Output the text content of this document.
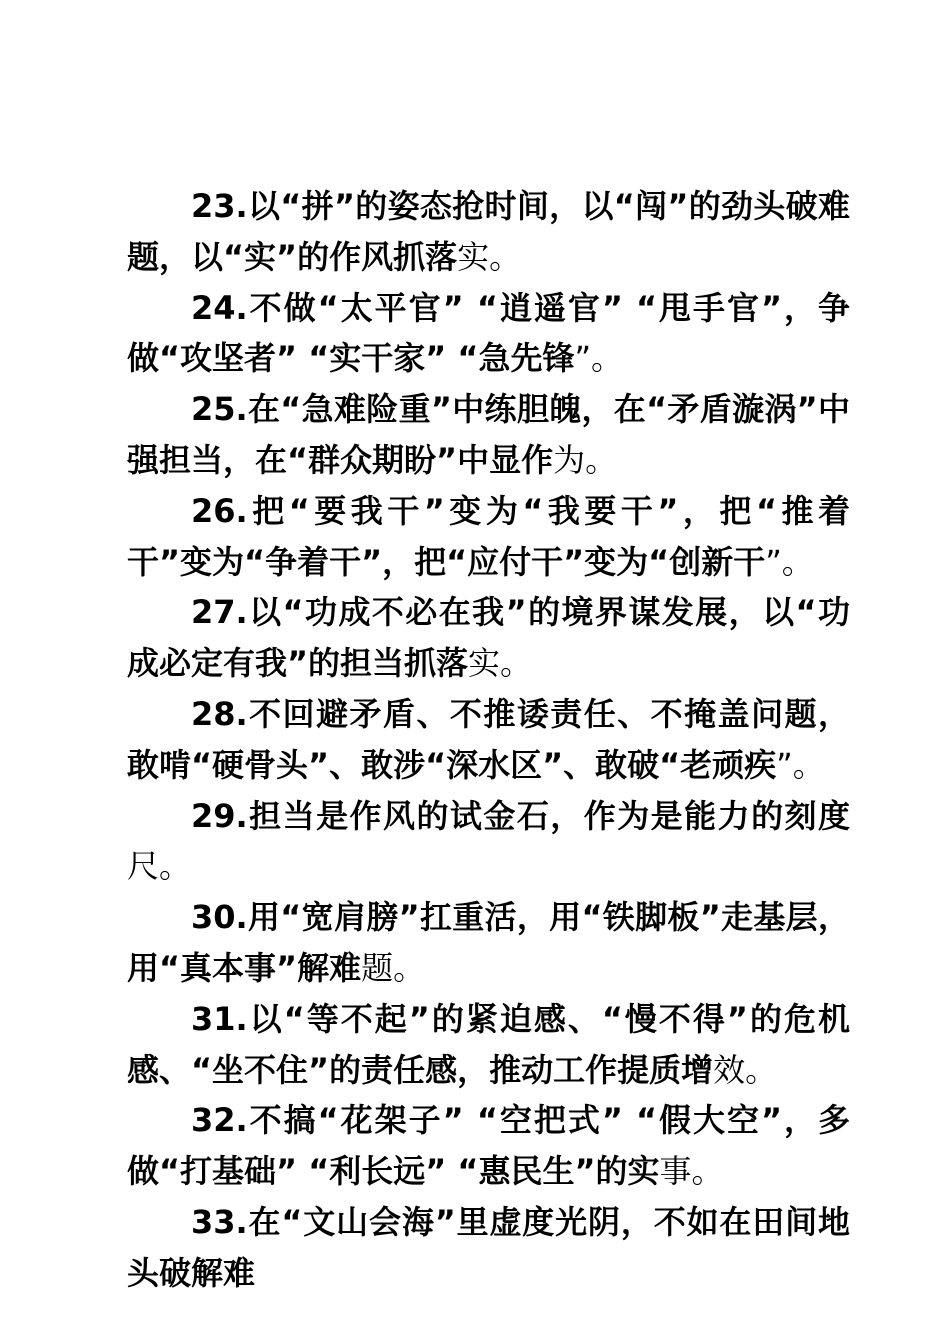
23.以“拼”的姿态抢时间，以“闯”的劲头破难题，以“实”的作风抓落实。

24.不做“太平官” “逍遥官” “甩手官”，争做“攻坚者” “实干家” “急先锋”。

25.在“急难险重”中练胆魄，在“矛盾漩涡”中强担当，在“群众期盼”中显作为。

26.把“要我干”变为“我要干”，把“推着干”变为“争着干”，把“应付干”变为“创新干”。

27.以“功成不必在我”的境界谋发展，以“功成必定有我”的担当抓落实。

28.不回避矛盾、不推诿责任、不掩盖问题，敢啃“硬骨头”、敢涉“深水区”、敢破“老顽疾”。

29.担当是作风的试金石，作为是能力的刻度尺。

30.用“宽肩膀”扛重活，用“铁脚板”走基层，用“真本事”解难题。

31.以“等不起”的紧迫感、“慢不得”的危机感、“坐不住”的责任感，推动工作提质增效。

32.不搞“花架子” “空把式” “假大空”，多做“打基础” “利长远” “惠民生”的实事。

33.在“文山会海”里虚度光阴，不如在田间地头破解难
